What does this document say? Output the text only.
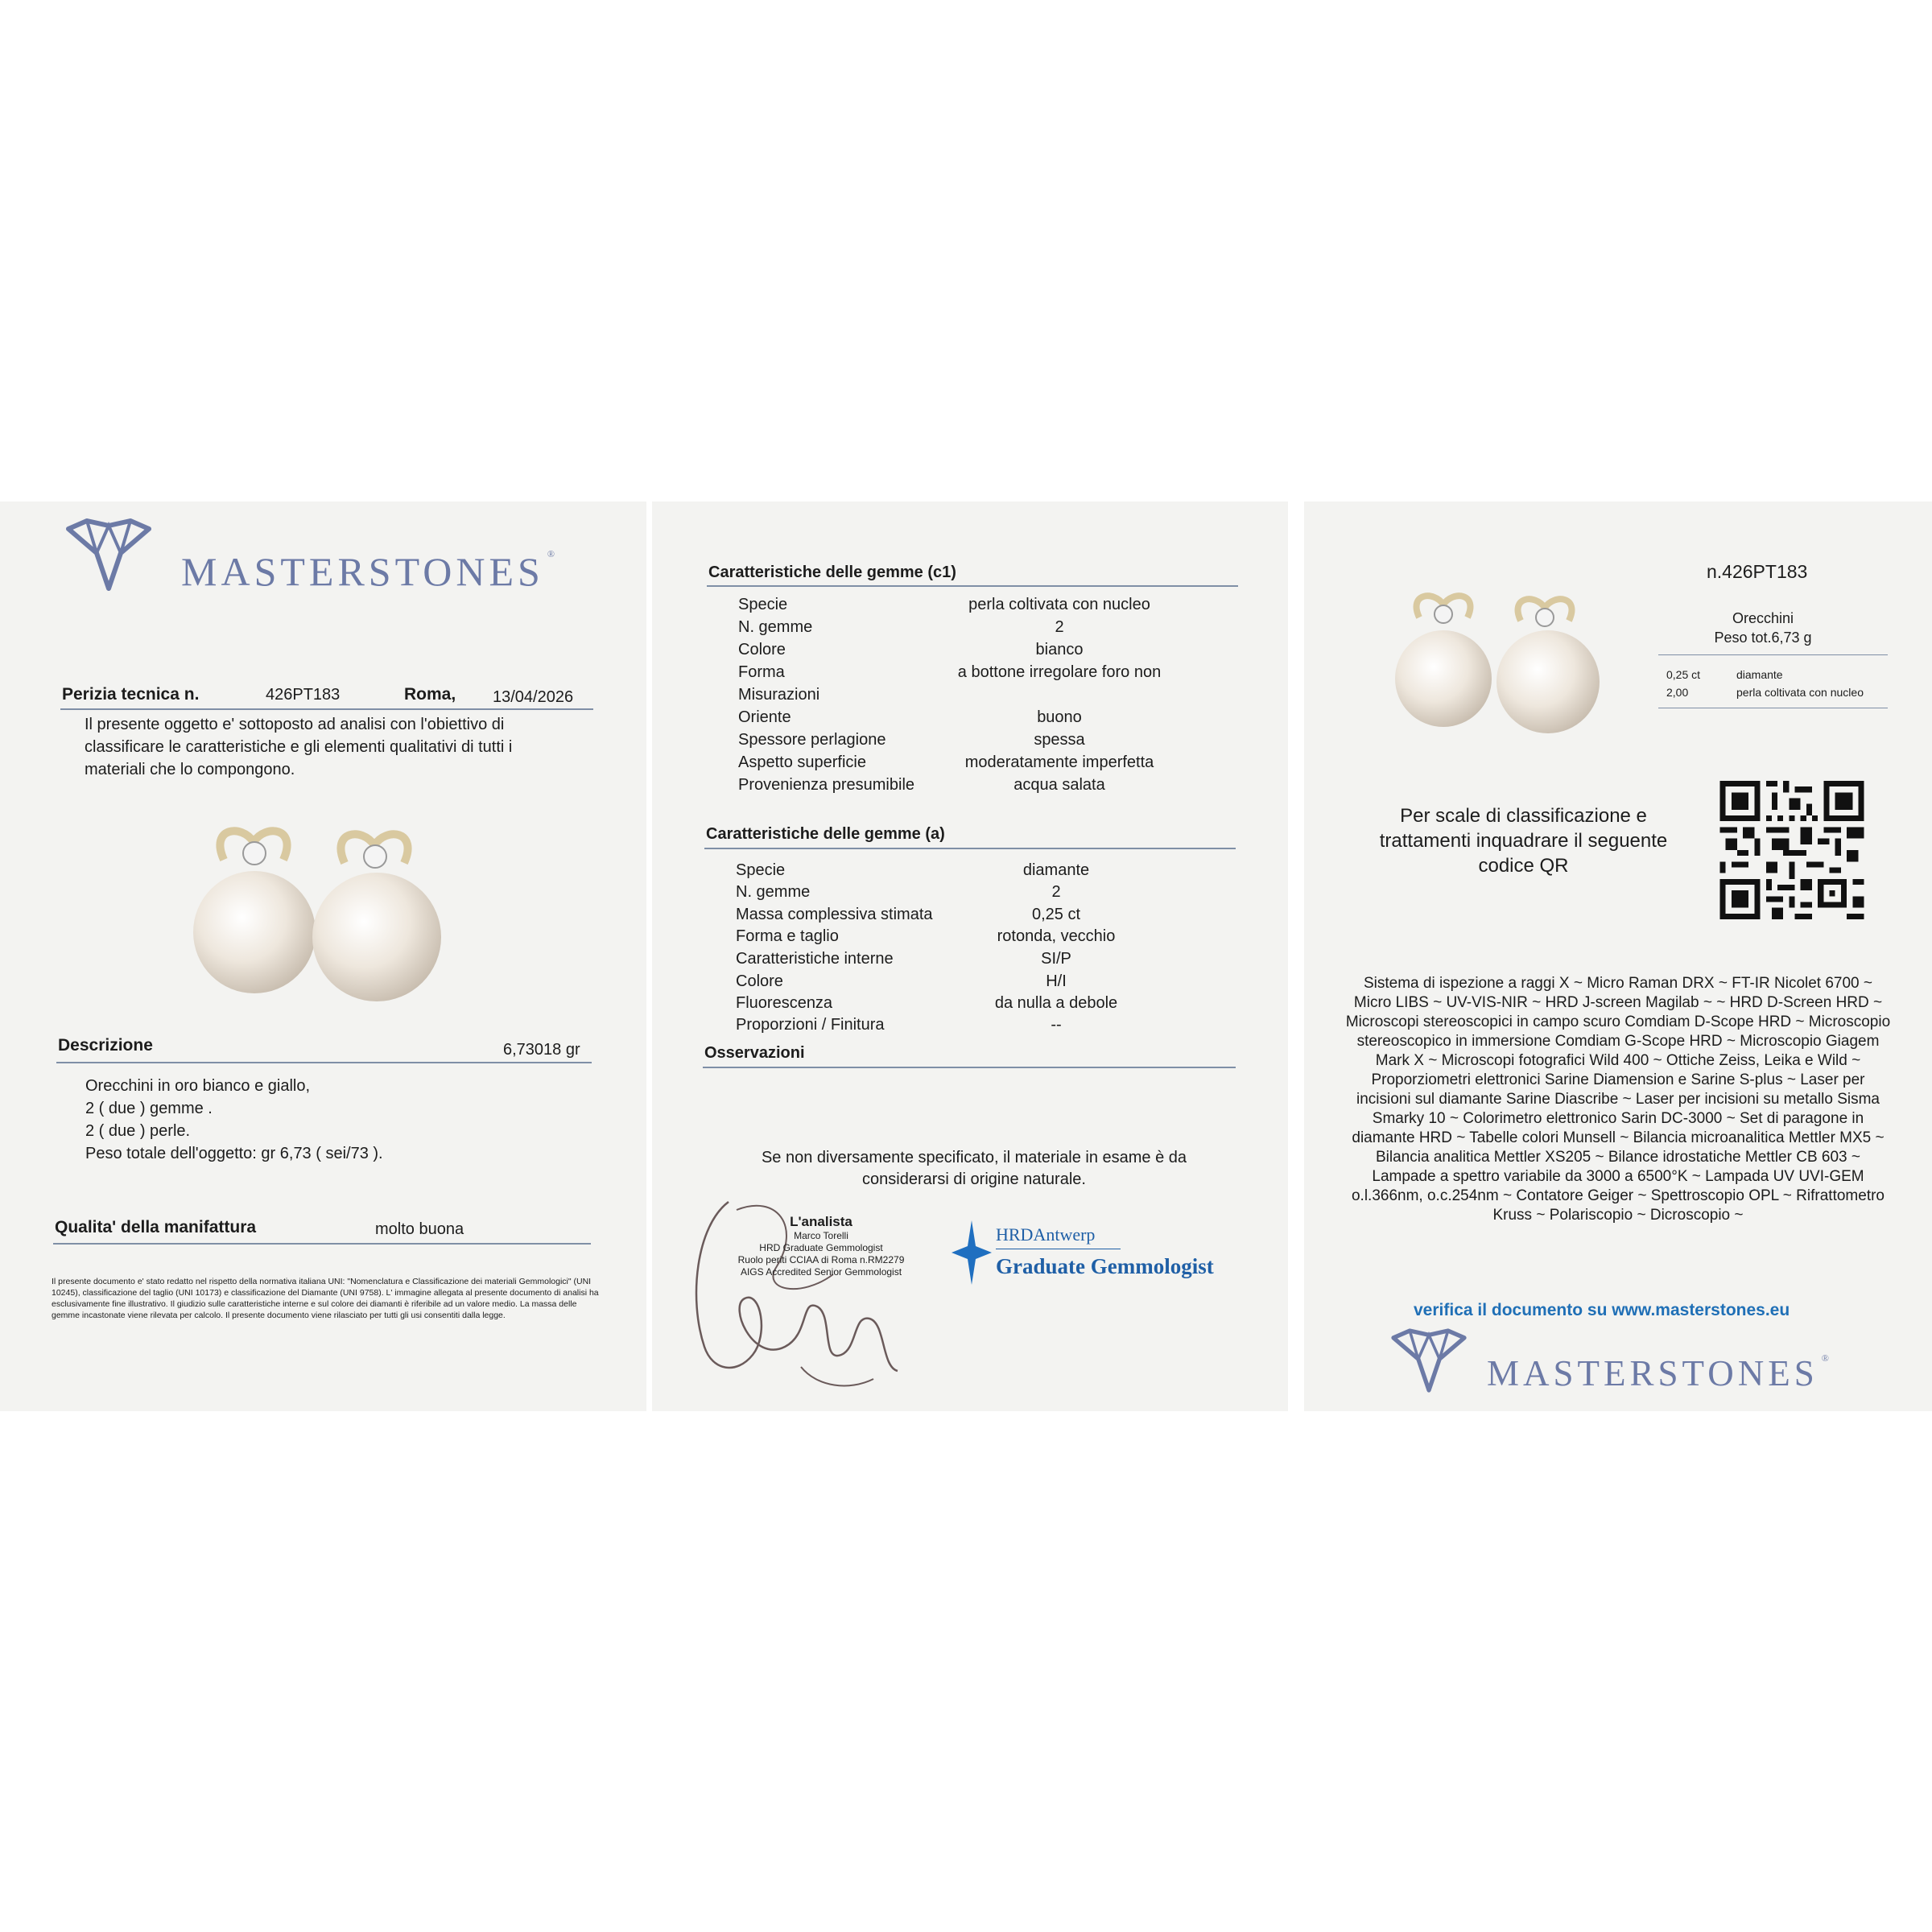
MASTERSTONES ®
Perizia tecnica n.	426PT183	Roma, 13/04/2026

Il presente oggetto e' sottoposto ad analisi con l'obiettivo di

classificare le caratteristiche e gli elementi qualitativi di tutti i

materiali che lo compongono.

Descrizione	6,73018 gr
Orecchini in oro bianco e giallo,
2 ( due ) gemme .
2 ( due ) perle.
Peso totale dell'oggetto: gr 6,73 ( sei/73 ).
Qualita' della manifattura	molto buona
Il presente documento e' stato redatto nel rispetto della normativa italiana UNI: "Nomenclatura e Classificazione dei materiali Gemmologici" (UNI 10245), classificazione del taglio (UNI 10173) e classificazione del Diamante (UNI 9758). L' immagine allegata al presente documento di analisi ha esclusivamente fine illustrativo. Il giudizio sulle caratteristiche interne e sul colore dei diamanti è riferibile ad un valore medio. La massa delle gemme incastonate viene rilevata per calcolo. Il presente documento viene rilasciato per tutti gli usi consentiti dalla legge.
Caratteristiche delle gemme (c1)
Specie	perla coltivata con nucleo
N. gemme	2
Colore	bianco
Forma	a bottone irregolare foro non
Misurazioni
Oriente	buono
Spessore perlagione	spessa
Aspetto superficie	moderatamente imperfetta
Provenienza presumibile	acqua salata
Caratteristiche delle gemme (a)
Specie	diamante
N. gemme	2
Massa complessiva stimata	0,25 ct
Forma e taglio	rotonda, vecchio
Caratteristiche interne	SI/P
Colore	H/I
Fluorescenza	da nulla a debole
Proporzioni / Finitura	--
Osservazioni

Se non diversamente specificato, il materiale in esame è da

considerarsi di origine naturale.

L'analista
Marco Torelli
HRD Graduate Gemmologist
Ruolo periti CCIAA di Roma n.RM2279
AIGS Accredited Senior Gemmologist
HRDAntwerp
Graduate Gemmologist
n.426PT183
Orecchini
Peso tot.6,73 g
0,25 ct	diamante
2,00	perla coltivata con nucleo

Per scale di classificazione e

trattamenti inquadrare il seguente

codice QR

Sistema di ispezione a raggi X ~ Micro Raman DRX ~ FT-IR Nicolet 6700 ~ Micro LIBS ~ UV-VIS-NIR ~ HRD J-screen Magilab ~ ~ HRD D-Screen HRD ~ Microscopi stereoscopici in campo scuro Comdiam D-Scope HRD ~ Microscopio stereoscopico in immersione Comdiam G-Scope HRD ~ Microscopio Giagem Mark X ~ Microscopi fotografici Wild 400 ~ Ottiche Zeiss, Leika e Wild ~ Proporziometri elettronici Sarine Diamension e Sarine S-plus ~ Laser per incisioni sul diamante Sarine Diascribe ~ Laser per incisioni su metallo Sisma Smarky 10 ~ Colorimetro elettronico Sarin DC-3000 ~ Set di paragone in diamante HRD ~ Tabelle colori Munsell ~ Bilancia microanalitica Mettler MX5 ~ Bilancia analitica Mettler XS205 ~ Bilance idrostatiche Mettler CB 603 ~ Lampade a spettro variabile da 3000 a 6500°K ~ Lampada UV UVI-GEM o.l.366nm, o.c.254nm ~ Contatore Geiger ~ Spettroscopio OPL ~ Rifrattometro Kruss ~ Polariscopio ~ Dicroscopio ~
verifica il documento su www.masterstones.eu
MASTERSTONES ®
